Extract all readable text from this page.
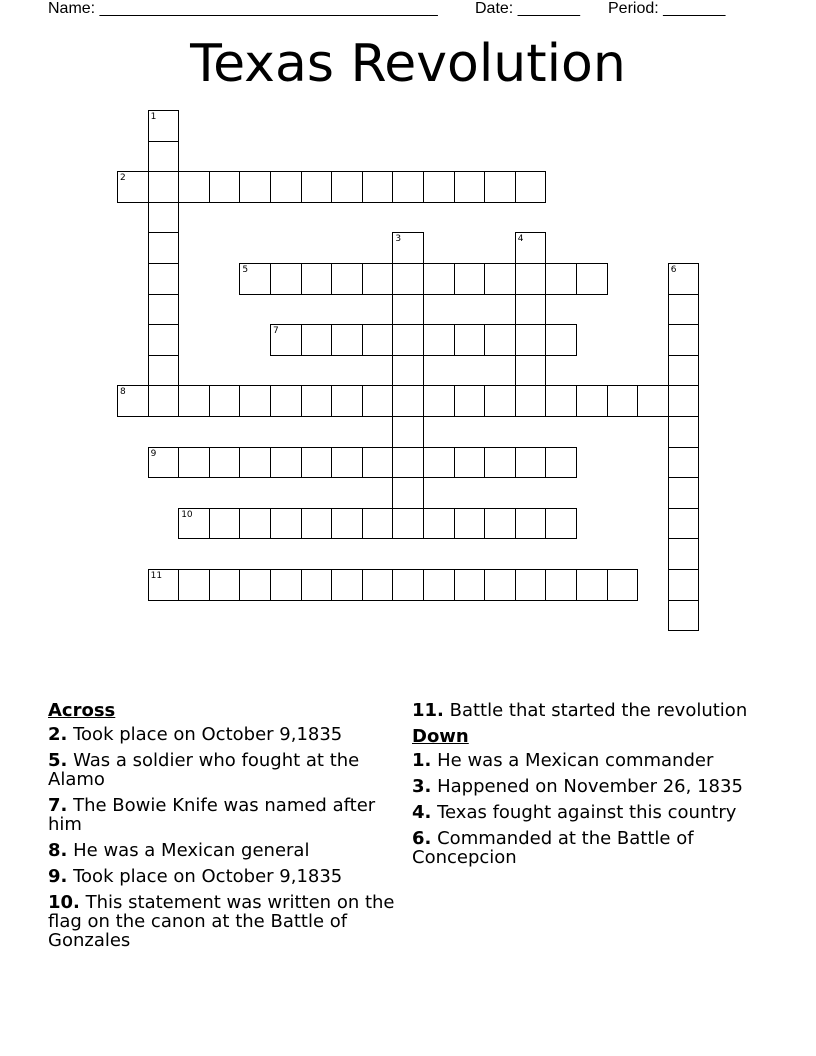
Name: ______________________________________ Date: _______ Period: _______
Texas Revolution
1
2
3	4
5	6
7
8
9
10
11
Across
2. Took place on October 9,1835
5. Was a soldier who fought at the Alamo
7. The Bowie Knife was named after him
8. He was a Mexican general
9. Took place on October 9,1835
10. This statement was written on the flag on the canon at the Battle of Gonzales
11. Battle that started the revolution
Down
1. He was a Mexican commander
3. Happened on November 26, 1835
4. Texas fought against this country
6. Commanded at the Battle of Concepcion
